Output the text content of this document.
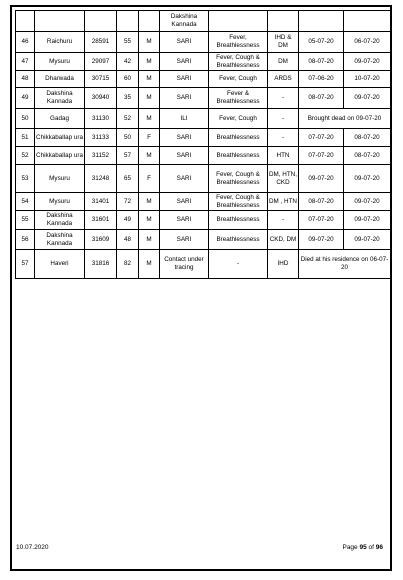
					Dakshina Kannada				
46	Raichuru	28591	55	M	SARI	Fever, Breathlessness	IHD & DM	05-07-20	06-07-20
47	Mysuru	29097	42	M	SARI	Fever, Cough & Breathlessness	DM	08-07-20	09-07-20
48	Dharwada	30715	60	M	SARI	Fever, Cough	ARDS	07-06-20	10-07-20
49	Dakshina Kannada	30940	35	M	SARI	Fever & Breathlessness	-	08-07-20	09-07-20
50	Gadag	31130	52	M	ILI	Fever, Cough	-	Brought dead on 09-07-20	
51	Chikkaballap ura	31133	50	F	SARI	Breathlessness	-	07-07-20	08-07-20
52	Chikkaballap ura	31152	57	M	SARI	Breathlessness	HTN	07-07-20	08-07-20
53	Mysuru	31248	65	F	SARI	Fever, Cough & Breathlessness	DM, HTN, CKD	09-07-20	09-07-20
54	Mysuru	31401	72	M	SARI	Fever, Cough & Breathlessness	DM , HTN	08-07-20	09-07-20
55	Dakshina Kannada	31601	49	M	SARI	Breathlessness	-	07-07-20	09-07-20
56	Dakshina Kannada	31609	48	M	SARI	Breathlessness	CKD, DM	09-07-20	09-07-20
57	Haveri	31816	82	M	Contact under tracing	-	IHD	Died at his residence on 06-07-20	
10.07.2020	Page 95 of 96
